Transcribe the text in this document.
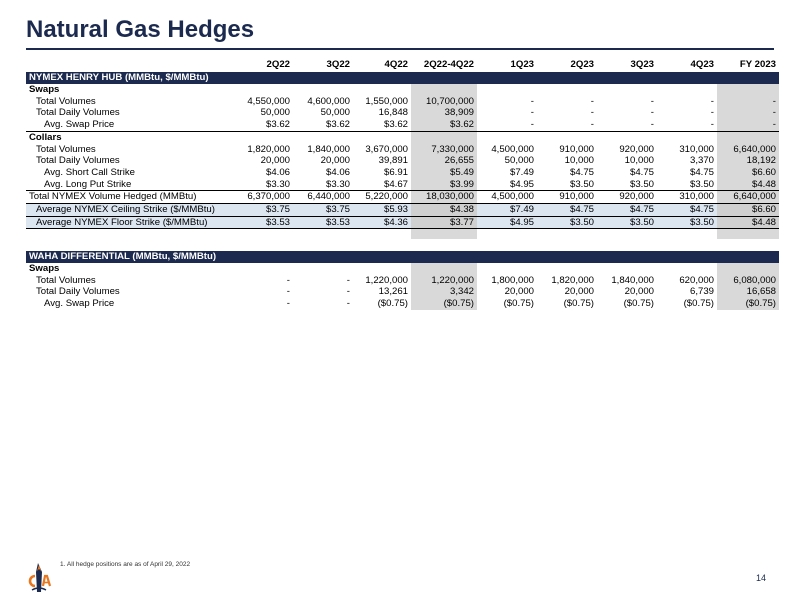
Natural Gas Hedges
	2Q22	3Q22	4Q22	2Q22-4Q22	1Q23	2Q23	3Q23	4Q23	FY 2023
NYMEX HENRY HUB (MMBtu, $/MMBtu)									
Swaps									
Total Volumes	4,550,000	4,600,000	1,550,000	10,700,000	-	-	-	-	-
Total Daily Volumes	50,000	50,000	16,848	38,909	-	-	-	-	-
Avg. Swap Price	$3.62	$3.62	$3.62	$3.62	-	-	-	-	-
Collars									
Total Volumes	1,820,000	1,840,000	3,670,000	7,330,000	4,500,000	910,000	920,000	310,000	6,640,000
Total Daily Volumes	20,000	20,000	39,891	26,655	50,000	10,000	10,000	3,370	18,192
Avg. Short Call Strike	$4.06	$4.06	$6.91	$5.49	$7.49	$4.75	$4.75	$4.75	$6.60
Avg. Long Put Strike	$3.30	$3.30	$4.67	$3.99	$4.95	$3.50	$3.50	$3.50	$4.48
Total NYMEX Volume Hedged (MMBtu)	6,370,000	6,440,000	5,220,000	18,030,000	4,500,000	910,000	920,000	310,000	6,640,000
Average NYMEX Ceiling Strike ($/MMBtu)	$3.75	$3.75	$5.93	$4.38	$7.49	$4.75	$4.75	$4.75	$6.60
Average NYMEX Floor Strike ($/MMBtu)	$3.53	$3.53	$4.36	$3.77	$4.95	$3.50	$3.50	$3.50	$4.48

WAHA DIFFERENTIAL (MMBtu, $/MMBtu)									
Swaps									
Total Volumes	-	-	1,220,000	1,220,000	1,800,000	1,820,000	1,840,000	620,000	6,080,000
Total Daily Volumes	-	-	13,261	3,342	20,000	20,000	20,000	6,739	16,658
Avg. Swap Price	-	-	($0.75)	($0.75)	($0.75)	($0.75)	($0.75)	($0.75)	($0.75)
1. All hedge positions are as of April 29, 2022
14
